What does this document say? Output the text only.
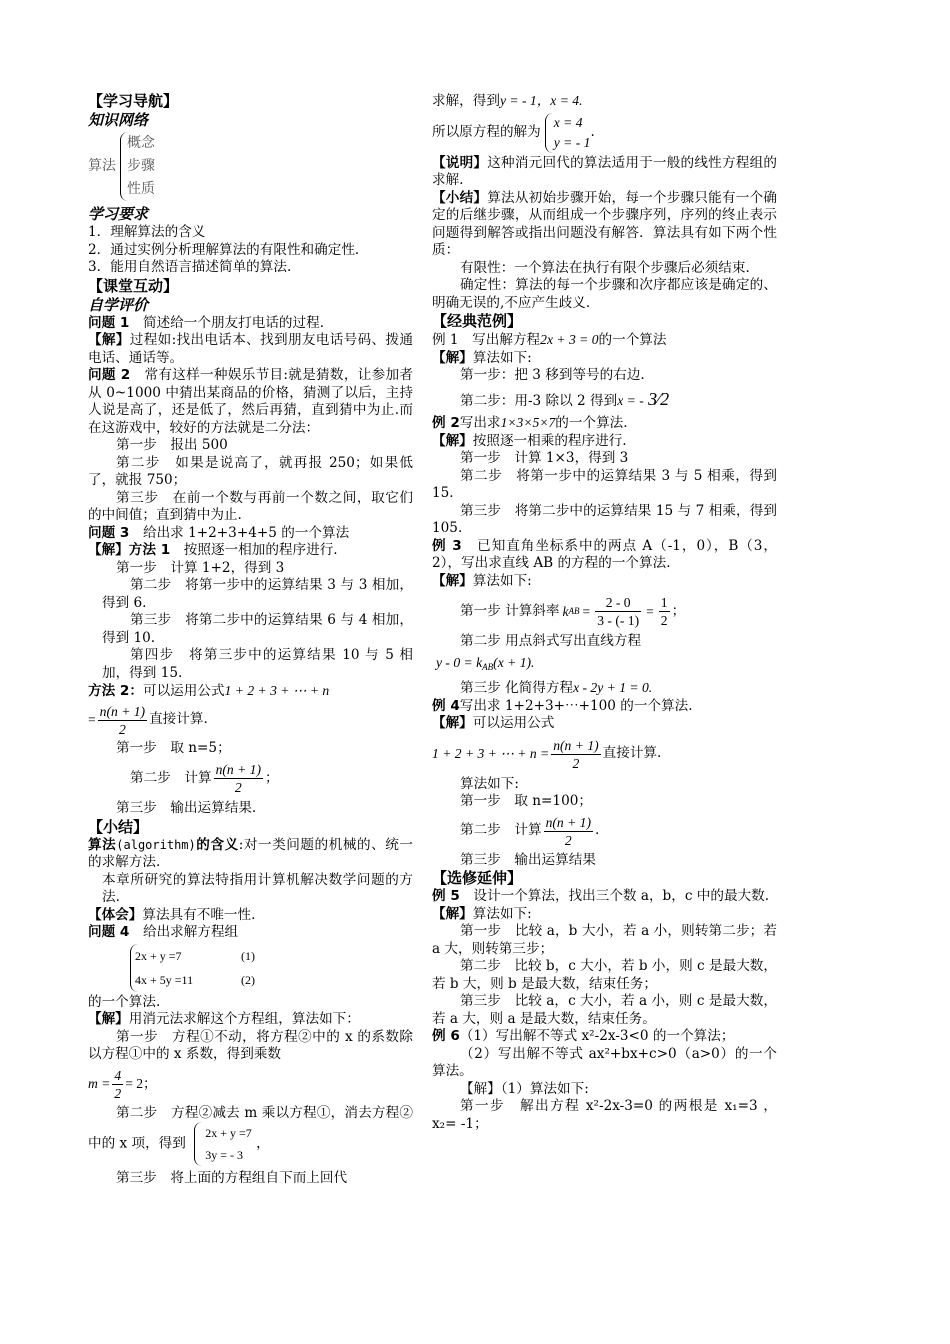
【学习导航】

知识网络

算法
概念
步骤
性质

学习要求

1．理解算法的含义

2．通过实例分析理解算法的有限性和确定性.

3．能用自然语言描述简单的算法.

【课堂互动】

自学评价

问题 1　简述给一个朋友打电话的过程.

【解】过程如:找出电话本、找到朋友电话号码、拨通电话、通话等。

问题 2　常有这样一种娱乐节目:就是猜数，让参加者从 0~1000 中猜出某商品的价格，猜测了以后，主持人说是高了，还是低了，然后再猜，直到猜中为止.而在这游戏中，较好的方法就是二分法：

第一步　报出 500

第二步　如果是说高了，就再报 250；如果低了，就报 750；

第三步　在前一个数与再前一个数之间，取它们的中间值；直到猜中为止.

问题 3　给出求 1+2+3+4+5 的一个算法

【解】方法 1　按照逐一相加的程序进行.

第一步　计算 1+2，得到 3

第二步　将第一步中的运算结果 3 与 3 相加，得到 6.

第三步　将第二步中的运算结果 6 与 4 相加，得到 10.

第四步　将第三步中的运算结果 10 与 5 相加，得到 15.

方法 2：可以运用公式1 + 2 + 3 + ⋯ + n

= $\frac{n(n + 1)}{2}$ 直接计算.

第一步　取 n=5；

第二步　计算 $\frac{n(n + 1)}{2}$ ；

第三步　输出运算结果.

【小结】

算法(algorithm)的含义:对一类问题的机械的、统一的求解方法.

本章所研究的算法特指用计算机解决数学问题的方法.

【体会】算法具有不唯一性.

问题 4　给出求解方程组

2x + y =7	(1)
4x + 5y =11	(2)

的一个算法.

【解】用消元法求解这个方程组，算法如下：

第一步　方程①不动，将方程②中的 x 的系数除以方程①中的 x 系数，得到乘数

$m = \frac{4}{2} = 2$；
第二步　方程②减去 m 乘以方程①，消去方程②中的 x 项，得到
2x + y =7
3y = - 3
，

第三步　将上面的方程组自下而上回代

求解，得到y = - 1，x = 4.

所以原方程的解为
x = 4
y = - 1
.

【说明】这种消元回代的算法适用于一般的线性方程组的求解.

【小结】算法从初始步骤开始，每一个步骤只能有一个确定的后继步骤，从而组成一个步骤序列，序列的终止表示问题得到解答或指出问题没有解答．算法具有如下两个性质：

有限性：一个算法在执行有限个步骤后必须结束.

确定性：算法的每一个步骤和次序都应该是确定的、明确无误的,不应产生歧义.

【经典范例】

例 1　写出解方程2x + 3 = 0的一个算法

【解】算法如下:

第一步：把 3 移到等号的右边.

第二步：用-3 除以 2 得到x = - 3⁄2

例 2写出求1×3×5×7的一个算法.

【解】按照逐一相乘的程序进行.

第一步　计算 1×3，得到 3

第二步　将第一步中的运算结果 3 与 5 相乘，得到 15.

第三步　将第二步中的运算结果 15 与 7 相乘，得到 105.

例 3　已知直角坐标系中的两点 A（-1，0），B（3，2），写出求直线 AB 的方程的一个算法.

【解】算法如下:

第一步 计算斜率 k AB = $\frac{2 - 0}{3 - (- 1)} = \frac{1}{2}$ ；

第二步 用点斜式写出直线方程

$y - 0 = k_{AB}(x + 1)$.

第三步 化简得方程x - 2y + 1 = 0.

例 4写出求 1+2+3+⋯+100 的一个算法.

【解】可以运用公式

1 + 2 + 3 + ⋯ + $n = \frac{n(n + 1)}{2}$ 直接计算.

算法如下:

第一步　取 n=100；

第二步　计算 $\frac{n(n + 1)}{2}$ .

第三步　输出运算结果

【选修延伸】

例 5　设计一个算法，找出三个数 a，b，c 中的最大数.

【解】算法如下:

第一步　比较 a，b 大小，若 a 小，则转第二步；若 a 大，则转第三步；

第二步　比较 b，c 大小，若 b 小，则 c 是最大数，若 b 大，则 b 是最大数，结束任务；

第三步　比较 a，c 大小，若 a 小，则 c 是最大数，若 a 大，则 a 是最大数，结束任务。

例 6（1）写出解不等式 x²-2x-3<0 的一个算法；

（2）写出解不等式 ax²+bx+c>0（a>0）的一个算法。

【解】（1）算法如下:

第一步　解出方程 x²-2x-3=0 的两根是 x₁=3 ，x₂= -1；
